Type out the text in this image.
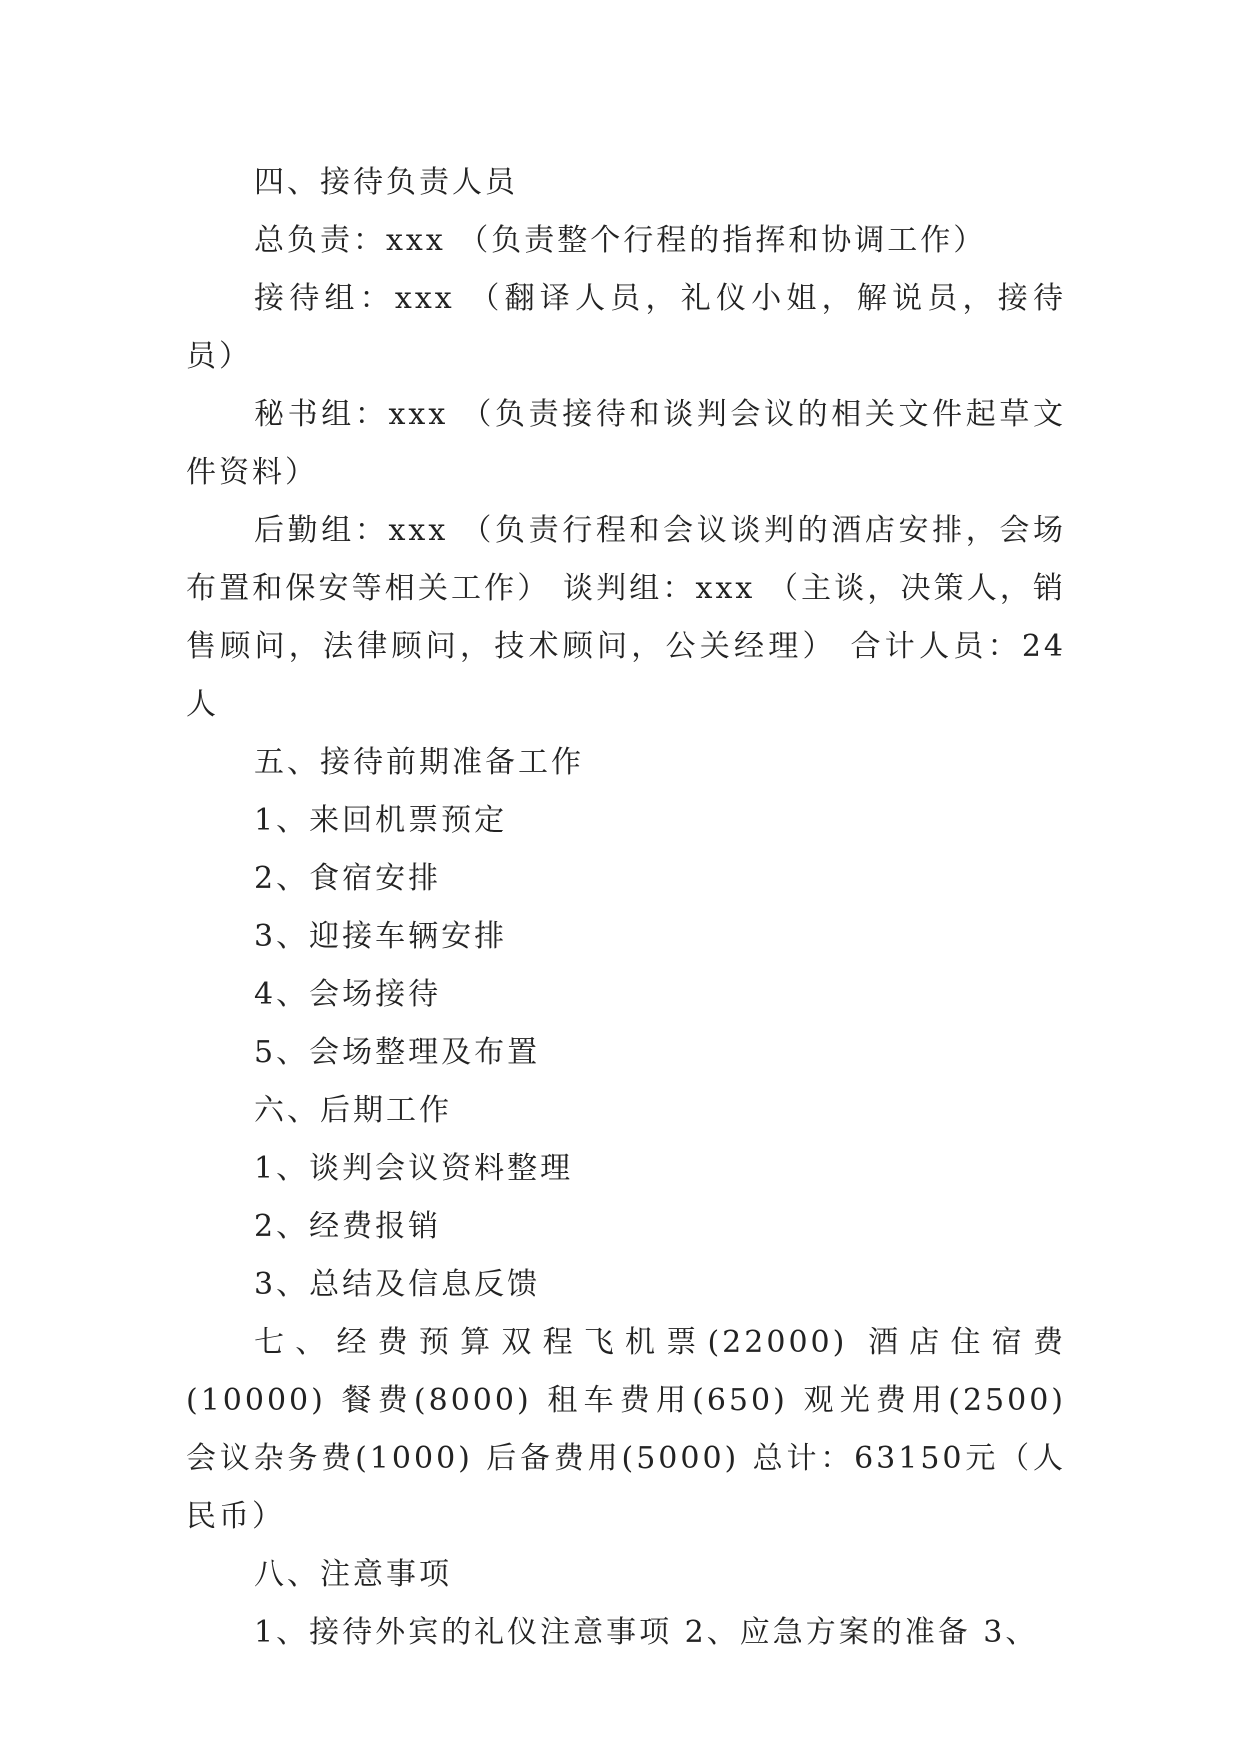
四、接待负责人员

总负责：xxx （负责整个行程的指挥和协调工作）

接待组：xxx （翻译人员，礼仪小姐，解说员，接待员）

秘书组：xxx （负责接待和谈判会议的相关文件起草文件资料）

后勤组：xxx （负责行程和会议谈判的酒店安排，会场布置和保安等相关工作） 谈判组：xxx （主谈，决策人，销售顾问，法律顾问，技术顾问，公关经理） 合计人员：24人

五、接待前期准备工作

1、来回机票预定

2、食宿安排

3、迎接车辆安排

4、会场接待

5、会场整理及布置

六、后期工作

1、谈判会议资料整理

2、经费报销

3、总结及信息反馈

七、经费预算双程飞机票(22000) 酒店住宿费(10000) 餐费(8000) 租车费用(650) 观光费用(2500) 会议杂务费(1000) 后备费用(5000) 总计：63150元（人民币）

八、注意事项

1、接待外宾的礼仪注意事项 2、应急方案的准备 3、
